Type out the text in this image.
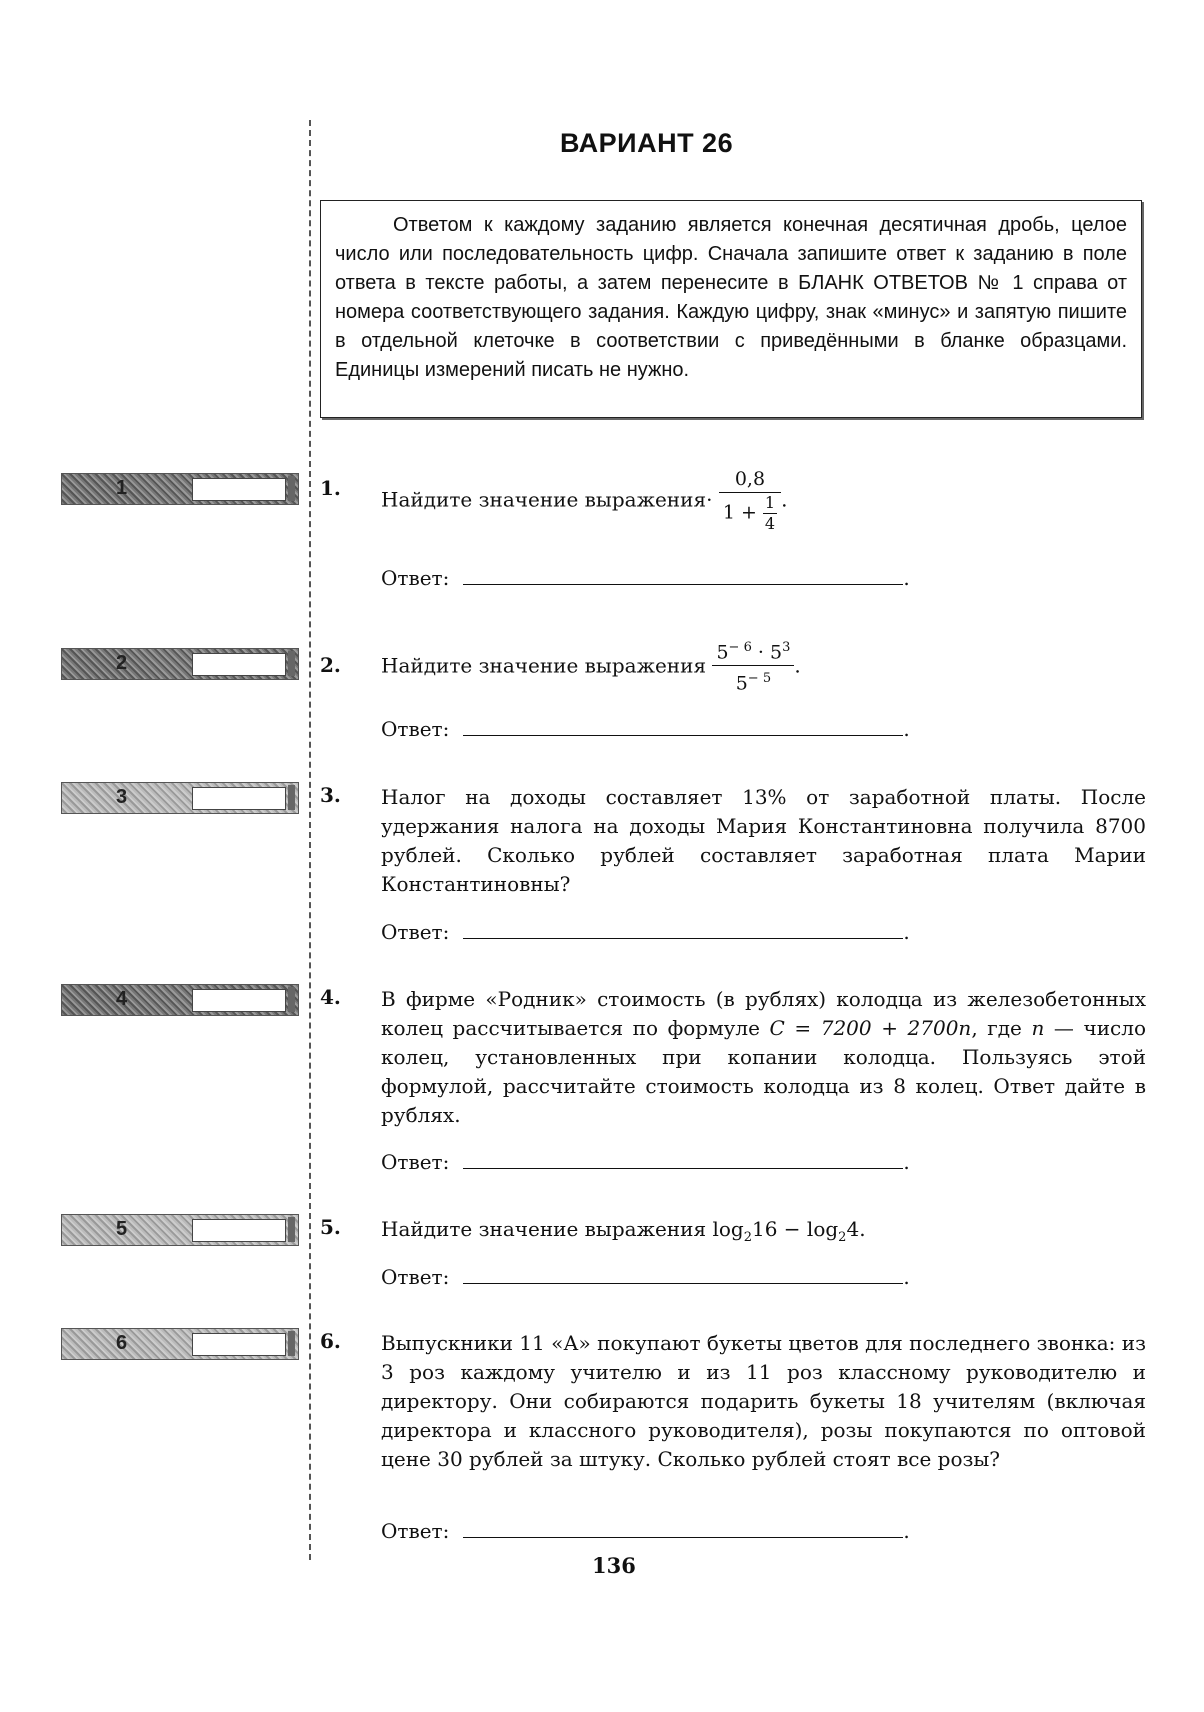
ВАРИАНТ 26
Ответом к каждому заданию является конечная десятичная дробь, целое число или последовательность цифр. Сначала запишите ответ к заданию в поле ответа в тексте работы, а затем перенесите в БЛАНК ОТВЕТОВ № 1 справа от номера соответствующего задания. Каждую цифру, знак «минус» и запятую пишите в отдельной клеточке в соответствии с приведёнными в бланке образцами. Единицы измерений писать не нужно.
1	1. Найдите значение выражения· $\frac{0,8}{1 + \frac{1}{4}}$ .
Ответ:	.
2	2. Найдите значение выражения $\frac{5^{- 6} \cdot 5^3}{5^{- 5}}$ .
Ответ:	.
3	3. Налог на доходы составляет 13% от заработной платы. После удержания налога на доходы Мария Константиновна получила 8700 рублей. Сколько рублей составляет заработная плата Марии Константиновны?
Ответ:	.
4	4. В фирме «Родник» стоимость (в рублях) колодца из железобетонных колец рассчитывается по формуле C = 7200 + 2700n, где n — число колец, установленных при копании колодца. Пользуясь этой формулой, рассчитайте стоимость колодца из 8 колец. Ответ дайте в рублях.
Ответ:	.
5	5. Найдите значение выражения $\log_216 - \log_24$.
Ответ:	.
6	6. Выпускники 11 «А» покупают букеты цветов для последнего звонка: из 3 роз каждому учителю и из 11 роз классному руководителю и директору. Они собираются подарить букеты 18 учителям (включая директора и классного руководителя), розы покупаются по оптовой цене 30 рублей за штуку. Сколько рублей стоят все розы?
Ответ:	.
136
